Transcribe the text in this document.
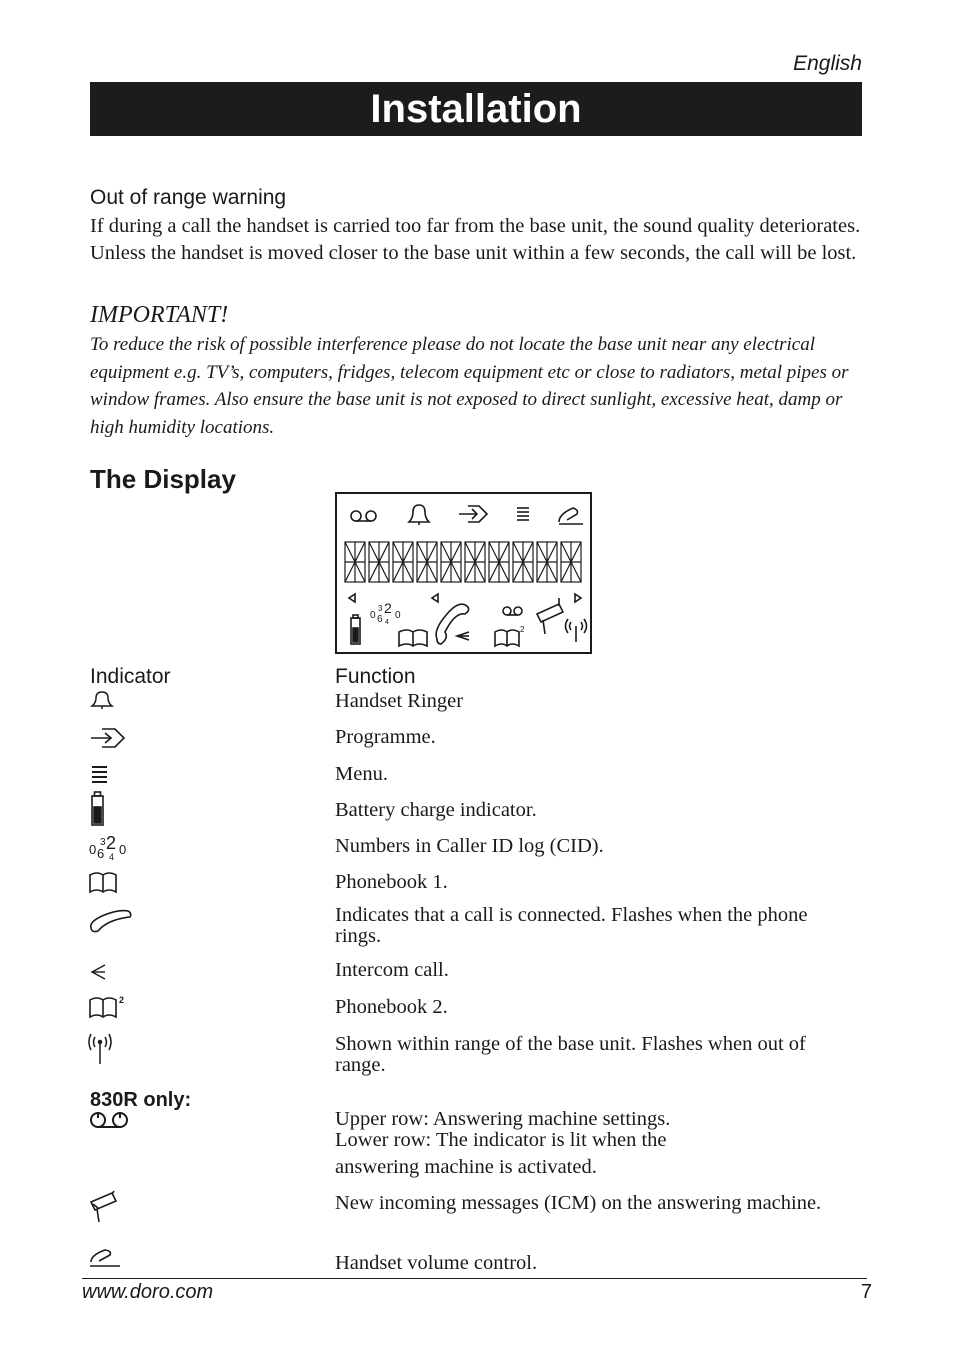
English
Installation
Out of range warning
If during a call the handset is carried too far from the base unit, the sound quality deteriorates. Unless the handset is moved closer to the base unit within a few seconds, the call will be lost.
IMPORTANT!
To reduce the risk of possible interference please do not locate the base unit near any electrical equipment e.g. TV’s, computers, fridges, telecom equipment etc or close to radiators, metal pipes or window frames. Also ensure the base unit is not exposed to direct sunlight, excessive heat, damp or high humidity locations.
The Display
0
3 2
6 4
0
2
Indicator	Function
Handset Ringer
Programme.
Menu.
Battery charge indicator.
0 3 2
6 4 0	Numbers in Caller ID log (CID).
Phonebook 1.
Indicates that a call is connected. Flashes when the phone rings.
Intercom call.
2	Phonebook 2.
Shown within range of the base unit. Flashes when out of range.
830R only:
Upper row: Answering machine settings.
Lower row: The indicator is lit when the
answering machine is activated.
New incoming messages (ICM) on the answering machine.
Handset volume control.
www.doro.com	7
